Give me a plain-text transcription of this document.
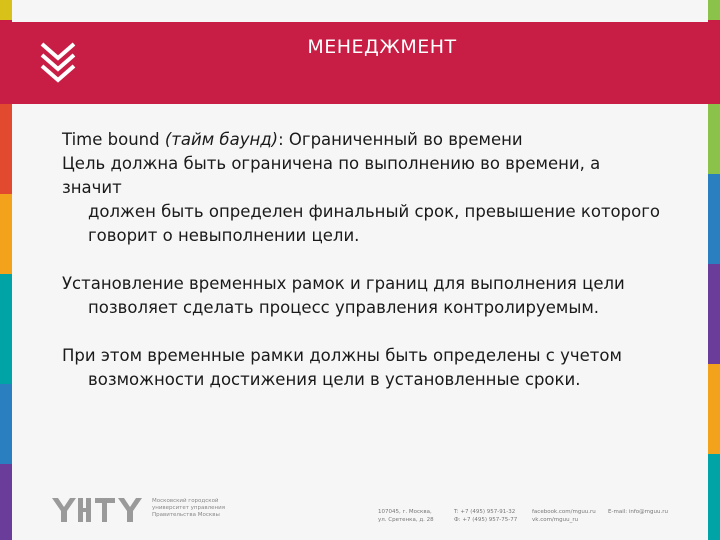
МЕНЕДЖМЕНТ
Time bound (тайм баунд): Ограниченный во времени
Цель должна быть ограничена по выполнению во времени, а значит
должен быть определен финальный срок, превышение которого
говорит о невыполнении цели.
Установление временных рамок и границ для выполнения цели
позволяет сделать процесс управления контролируемым.
При этом временные рамки должны быть определены с учетом
возможности достижения цели в установленные сроки.
Московский городской
университет управления
Правительства Москвы	107045, г. Москва,
ул. Сретенка, д. 28
T: +7 (495) 957-91-32
Ф: +7 (495) 957-75-77
facebook.com/mguu.ru
vk.com/mguu_ru
E-mail: info@mguu.ru
